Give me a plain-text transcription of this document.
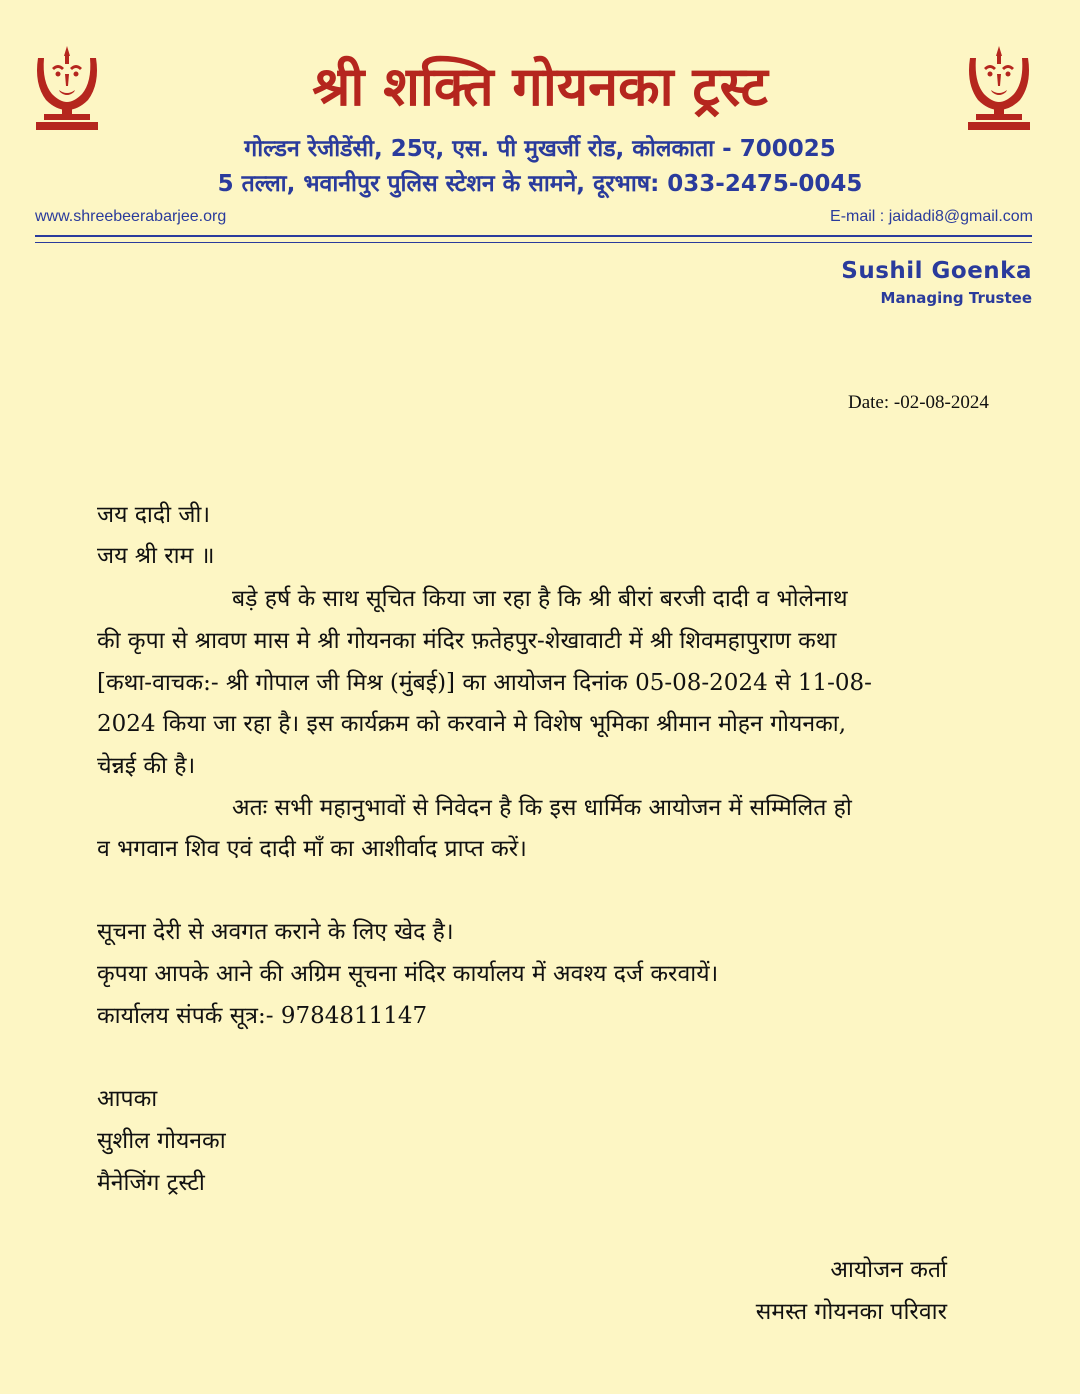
श्री शक्ति गोयनका ट्रस्ट
गोल्डन रेजीडेंसी, 25ए, एस. पी मुखर्जी रोड, कोलकाता - 700025
5 तल्ला, भवानीपुर पुलिस स्टेशन के सामने, दूरभाष: 033-2475-0045
www.shreebeerabarjee.org	E-mail : jaidadi8@gmail.com
Sushil Goenka
Managing Trustee
Date: -02-08-2024
जय दादी जी।
जय श्री राम ॥
बड़े हर्ष के साथ सूचित किया जा रहा है कि श्री बीरां बरजी दादी व भोलेनाथ
की कृपा से श्रावण मास मे श्री गोयनका मंदिर फ़तेहपुर-शेखावाटी में श्री शिवमहापुराण कथा
[कथा-वाचक:- श्री गोपाल जी मिश्र (मुंबई)] का आयोजन दिनांक 05-08-2024 से 11-08-
2024 किया जा रहा है। इस कार्यक्रम को करवाने मे विशेष भूमिका श्रीमान मोहन गोयनका,
चेन्नई की है।
अतः सभी महानुभावों से निवेदन है कि इस धार्मिक आयोजन में सम्मिलित हो
व भगवान शिव एवं दादी माँ का आशीर्वाद प्राप्त करें।
सूचना देरी से अवगत कराने के लिए खेद है।
कृपया आपके आने की अग्रिम सूचना मंदिर कार्यालय में अवश्य दर्ज करवायें।
कार्यालय संपर्क सूत्र:- 9784811147
आपका
सुशील गोयनका
मैनेजिंग ट्रस्टी
आयोजन कर्ता
समस्त गोयनका परिवार
